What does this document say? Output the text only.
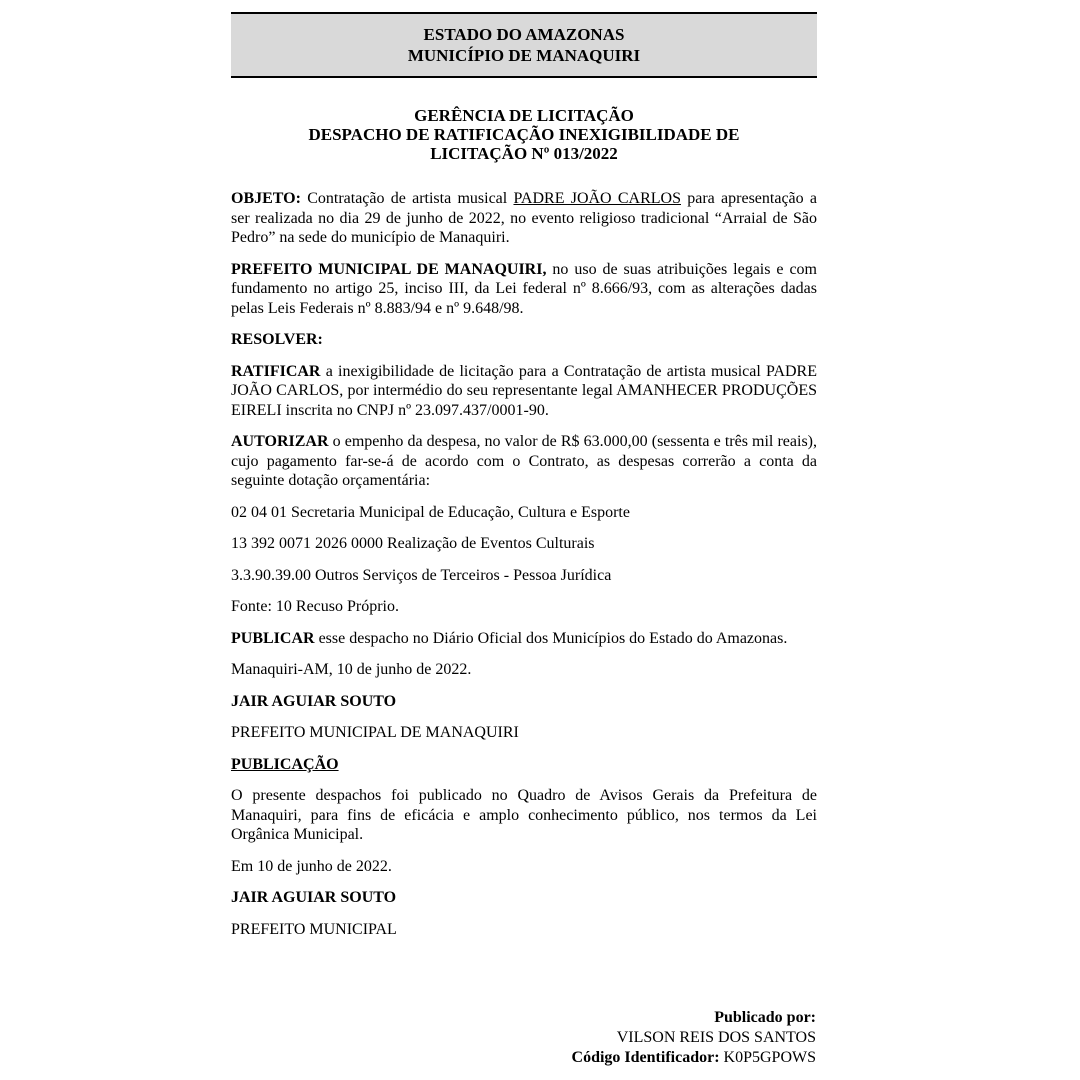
ESTADO DO AMAZONAS
MUNICÍPIO DE MANAQUIRI
GERÊNCIA DE LICITAÇÃO
DESPACHO DE RATIFICAÇÃO INEXIGIBILIDADE DE
LICITAÇÃO Nº 013/2022

OBJETO: Contratação de artista musical PADRE JOÃO CARLOS para apresentação a ser realizada no dia 29 de junho de 2022, no evento religioso tradicional “Arraial de São Pedro” na sede do município de Manaquiri.

PREFEITO MUNICIPAL DE MANAQUIRI, no uso de suas atribuições legais e com fundamento no artigo 25, inciso III, da Lei federal nº 8.666/93, com as alterações dadas pelas Leis Federais nº 8.883/94 e nº 9.648/98.

RESOLVER:

RATIFICAR a inexigibilidade de licitação para a Contratação de artista musical PADRE JOÃO CARLOS, por intermédio do seu representante legal AMANHECER PRODUÇÕES EIRELI inscrita no CNPJ nº 23.097.437/0001-90.

AUTORIZAR o empenho da despesa, no valor de R$ 63.000,00 (sessenta e três mil reais), cujo pagamento far-se-á de acordo com o Contrato, as despesas correrão a conta da seguinte dotação orçamentária:

02 04 01 Secretaria Municipal de Educação, Cultura e Esporte

13 392 0071 2026 0000 Realização de Eventos Culturais

3.3.90.39.00 Outros Serviços de Terceiros - Pessoa Jurídica

Fonte: 10 Recuso Próprio.

PUBLICAR esse despacho no Diário Oficial dos Municípios do Estado do Amazonas.

Manaquiri-AM, 10 de junho de 2022.

JAIR AGUIAR SOUTO

PREFEITO MUNICIPAL DE MANAQUIRI

PUBLICAÇÃO

O presente despachos foi publicado no Quadro de Avisos Gerais da Prefeitura de Manaquiri, para fins de eficácia e amplo conhecimento público, nos termos da Lei Orgânica Municipal.

Em 10 de junho de 2022.

JAIR AGUIAR SOUTO

PREFEITO MUNICIPAL

Publicado por:
VILSON REIS DOS SANTOS
Código Identificador: K0P5GPOWS
